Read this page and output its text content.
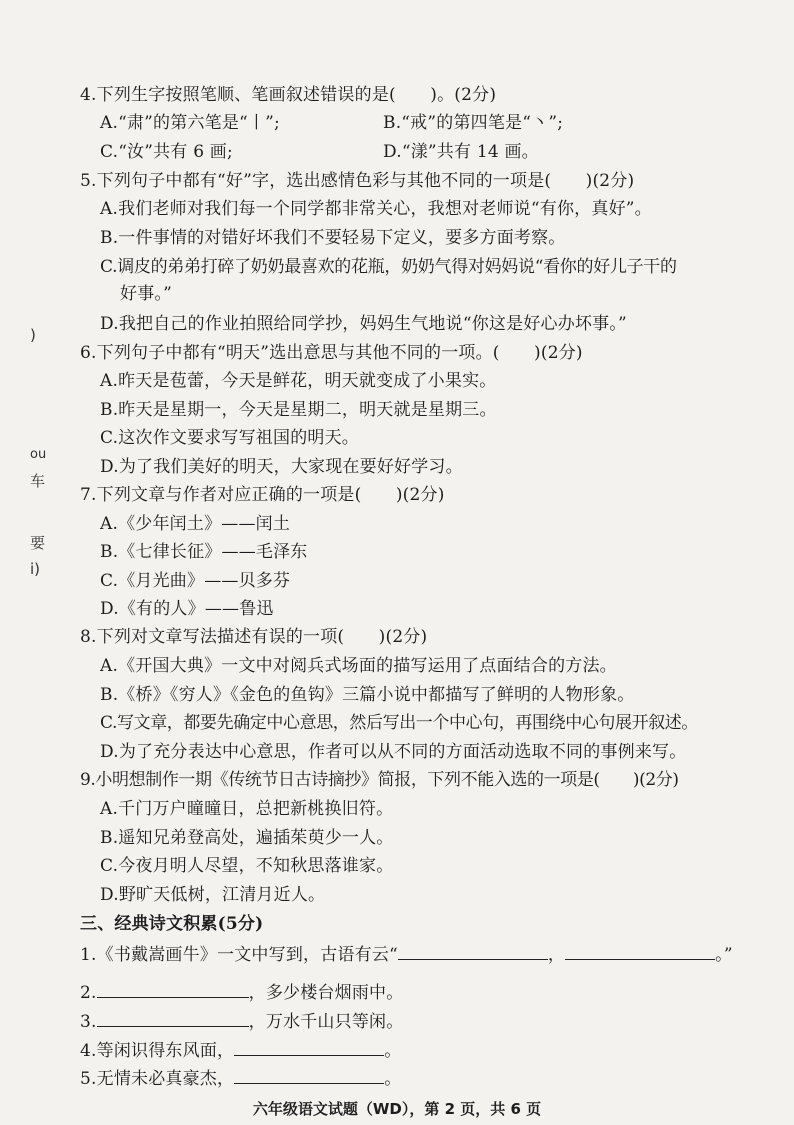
)
ou
车
要
i)
4.下列生字按照笔顺、笔画叙述错误的是(　　)。(2分)
A.“肃”的第六笔是“丨”;	B.“戒”的第四笔是“丶”;
C.“汝”共有 6 画;	D.“漾”共有 14 画。
5.下列句子中都有“好”字，选出感情色彩与其他不同的一项是(　　)(2分)
A.我们老师对我们每一个同学都非常关心，我想对老师说“有你，真好”。
B.一件事情的对错好坏我们不要轻易下定义，要多方面考察。
C.调皮的弟弟打碎了奶奶最喜欢的花瓶，奶奶气得对妈妈说“看你的好儿子干的
好事。”
D.我把自己的作业拍照给同学抄，妈妈生气地说“你这是好心办坏事。”
6.下列句子中都有“明天”选出意思与其他不同的一项。(　　)(2分)
A.昨天是苞蕾，今天是鲜花，明天就变成了小果实。
B.昨天是星期一，今天是星期二，明天就是星期三。
C.这次作文要求写写祖国的明天。
D.为了我们美好的明天，大家现在要好好学习。
7.下列文章与作者对应正确的一项是(　　)(2分)
A.《少年闰土》——闰土
B.《七律长征》——毛泽东
C.《月光曲》——贝多芬
D.《有的人》——鲁迅
8.下列对文章写法描述有误的一项(　　)(2分)
A.《开国大典》一文中对阅兵式场面的描写运用了点面结合的方法。
B.《桥》《穷人》《金色的鱼钩》三篇小说中都描写了鲜明的人物形象。
C.写文章，都要先确定中心意思，然后写出一个中心句，再围绕中心句展开叙述。
D.为了充分表达中心意思，作者可以从不同的方面活动选取不同的事例来写。
9.小明想制作一期《传统节日古诗摘抄》简报，下列不能入选的一项是(　　)(2分)
A.千门万户曈曈日，总把新桃换旧符。
B.遥知兄弟登高处，遍插茱萸少一人。
C.今夜月明人尽望，不知秋思落谁家。
D.野旷天低树，江清月近人。
三、经典诗文积累(5分)
1.《书戴嵩画牛》一文中写到，古语有云“	，	。”
2.	，多少楼台烟雨中。
3.	，万水千山只等闲。
4.等闲识得东风面，	。
5.无情未必真豪杰，	。
六年级语文试题（WD），第 2 页，共 6 页
